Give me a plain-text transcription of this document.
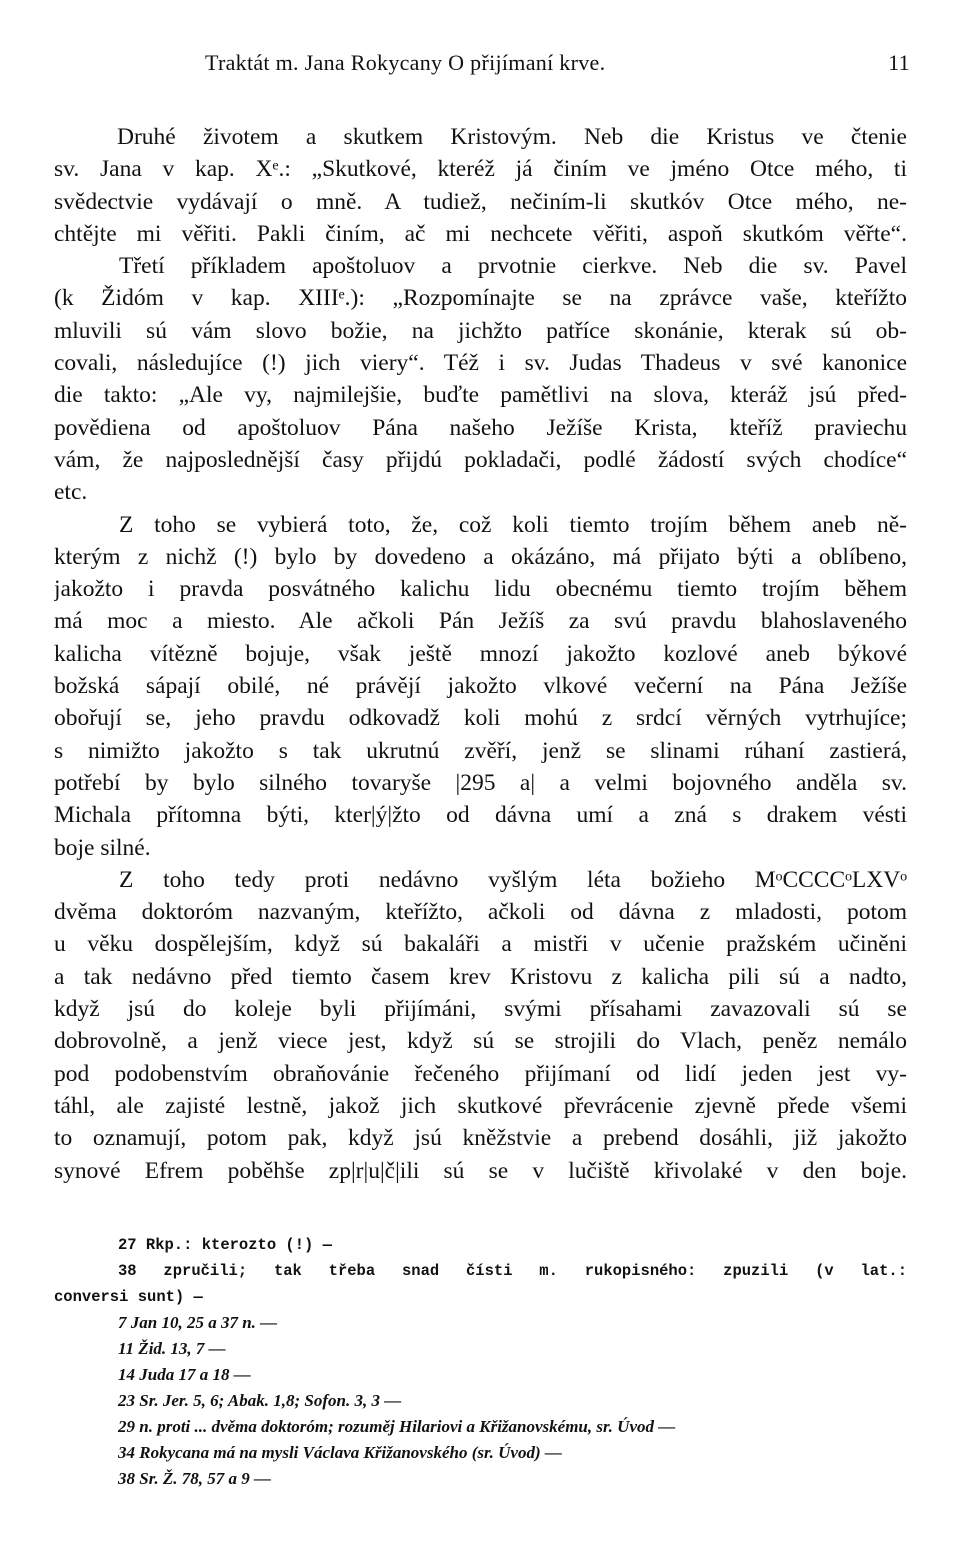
Traktát m. Jana Rokycany O přijímaní krve.	11
Druhé životem a skutkem Kristovým. Neb die Kristus ve čtenie
sv. Jana v kap. Xᵉ.: „Skutkové, kteréž já činím ve jméno Otce mého, ti
svědectvie vydávají o mně. A tudiež, nečiním-li skutkóv Otce mého, ne-
chtějte mi věřiti. Pakli činím, ač mi nechcete věřiti, aspoň skutkóm věřte“.
Třetí příkladem apoštoluov a prvotnie cierkve. Neb die sv. Pavel
(k Židóm v kap. XIIIᵉ.): „Rozpomínajte se na zprávce vaše, kteřížto
mluvili sú vám slovo božie, na jichžto patříce skonánie, kterak sú ob-
covali, následujíce (!) jich viery“. Též i sv. Judas Thadeus v své kanonice
die takto: „Ale vy, najmilejšie, buďte pamětlivi na slova, kteráž jsú před-
povědiena od apoštoluov Pána našeho Ježíše Krista, kteříž praviechu
vám, že najposlednější časy přijdú pokladači, podlé žádostí svých chodíce“
etc.
Z toho se vybierá toto, že, což koli tiemto trojím během aneb ně-
kterým z nichž (!) bylo by dovedeno a okázáno, má přijato býti a oblíbeno,
jakožto i pravda posvátného kalichu lidu obecnému tiemto trojím během
má moc a miesto. Ale ačkoli Pán Ježíš za svú pravdu blahoslaveného
kalicha vítězně bojuje, však ještě mnozí jakožto kozlové aneb býkové
božská sápají obilé, né právějí jakožto vlkové večerní na Pána Ježíše
obořují se, jeho pravdu odkovadž koli mohú z srdcí věrných vytrhujíce;
s nimižto jakožto s tak ukrutnú zvěří, jenž se slinami rúhaní zastierá,
potřebí by bylo silného tovaryše |295 a| a velmi bojovného anděla sv.
Michala přítomna býti, kter|ý|žto od dávna umí a zná s drakem vésti
boje silné.
Z toho tedy proti nedávno vyšlým léta božieho MᵒCCCCᵒLXVᵒ
dvěma doktoróm nazvaným, kteřížto, ačkoli od dávna z mladosti, potom
u věku dospělejším, když sú bakaláři a mistři v učenie pražském učiněni
a tak nedávno před tiemto časem krev Kristovu z kalicha pili sú a nadto,
když jsú do koleje byli přijímáni, svými přísahami zavazovali sú se
dobrovolně, a jenž viece jest, když sú se strojili do Vlach, peněz nemálo
pod podobenstvím obraňovánie řečeného přijímaní od lidí jeden jest vy-
táhl, ale zajisté lestně, jakož jich skutkové převrácenie zjevně přede všemi
to oznamují, potom pak, když jsú kněžstvie a prebend dosáhli, již jakožto
synové Efrem poběhše zp|r|u|č|ili sú se v lučiště křivolaké v den boje.
27 Rkp.: kterozto (!) —
38 zpručili; tak třeba snad čísti m. rukopisného: zpuzili (v lat.:
conversi sunt) —
7 Jan 10, 25 a 37 n. —
11 Žid. 13, 7 —
14 Juda 17 a 18 —
23 Sr. Jer. 5, 6; Abak. 1,8; Sofon. 3, 3 —
29 n. proti ... dvěma doktoróm; rozuměj Hilariovi a Křižanovskému, sr. Úvod —
34 Rokycana má na mysli Václava Křižanovského (sr. Úvod) —
38 Sr. Ž. 78, 57 a 9 —
